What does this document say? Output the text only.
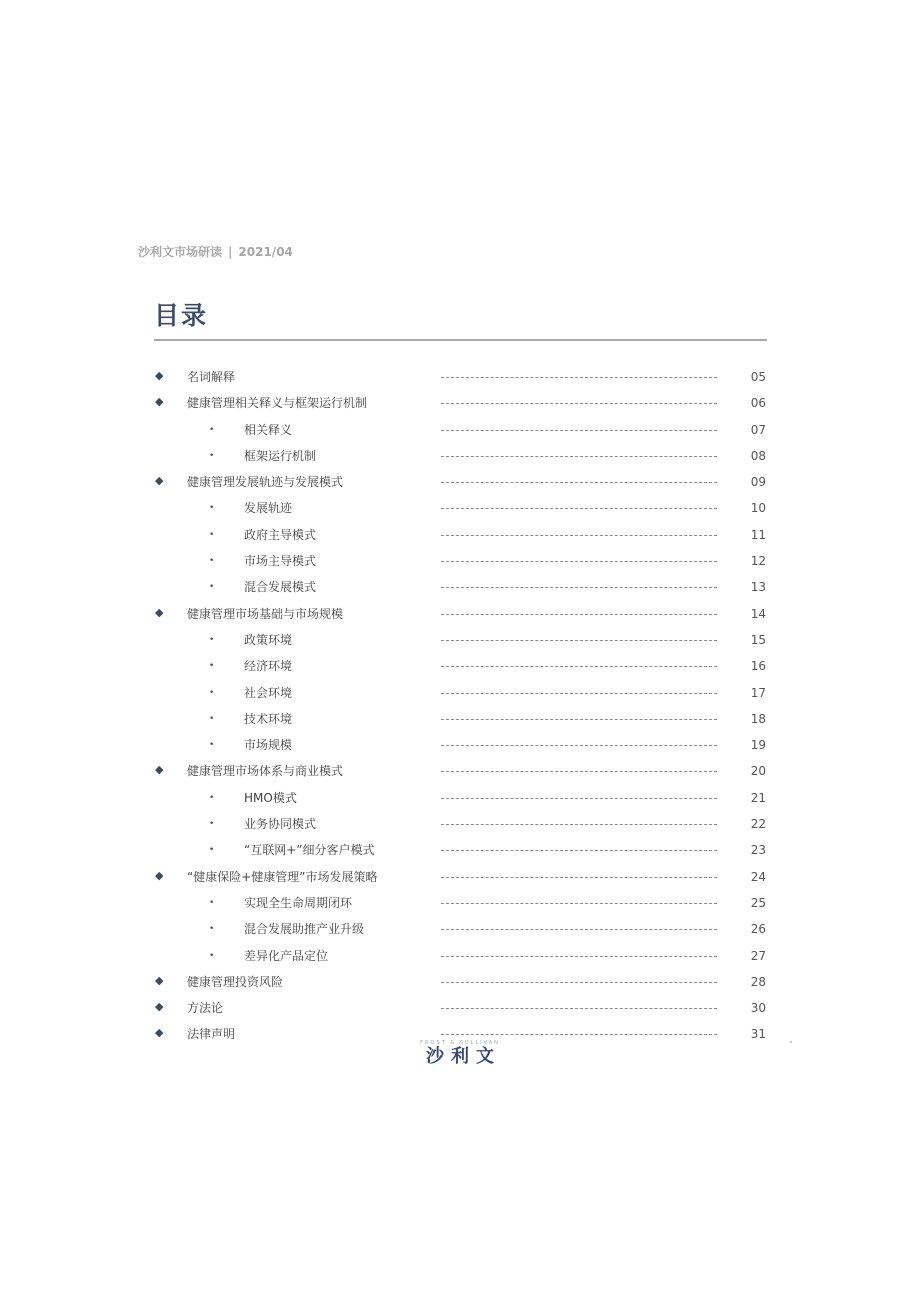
沙利文市场研读 | 2021/04
目录
◆ 名词解释	05
◆ 健康管理相关释义与框架运行机制	06
• 相关释义	07
• 框架运行机制	08
◆ 健康管理发展轨迹与发展模式	09
• 发展轨迹	10
• 政府主导模式	11
• 市场主导模式	12
• 混合发展模式	13
◆ 健康管理市场基础与市场规模	14
• 政策环境	15
• 经济环境	16
• 社会环境	17
• 技术环境	18
• 市场规模	19
◆ 健康管理市场体系与商业模式	20
• HMO模式	21
• 业务协同模式	22
• “互联网+”细分客户模式	23
◆ “健康保险+健康管理”市场发展策略	24
• 实现全生命周期闭环	25
• 混合发展助推产业升级	26
• 差异化产品定位	27
◆ 健康管理投资风险	28
◆ 方法论	30
◆ 法律声明	31
FROST & SULLIVAN
沙利文
